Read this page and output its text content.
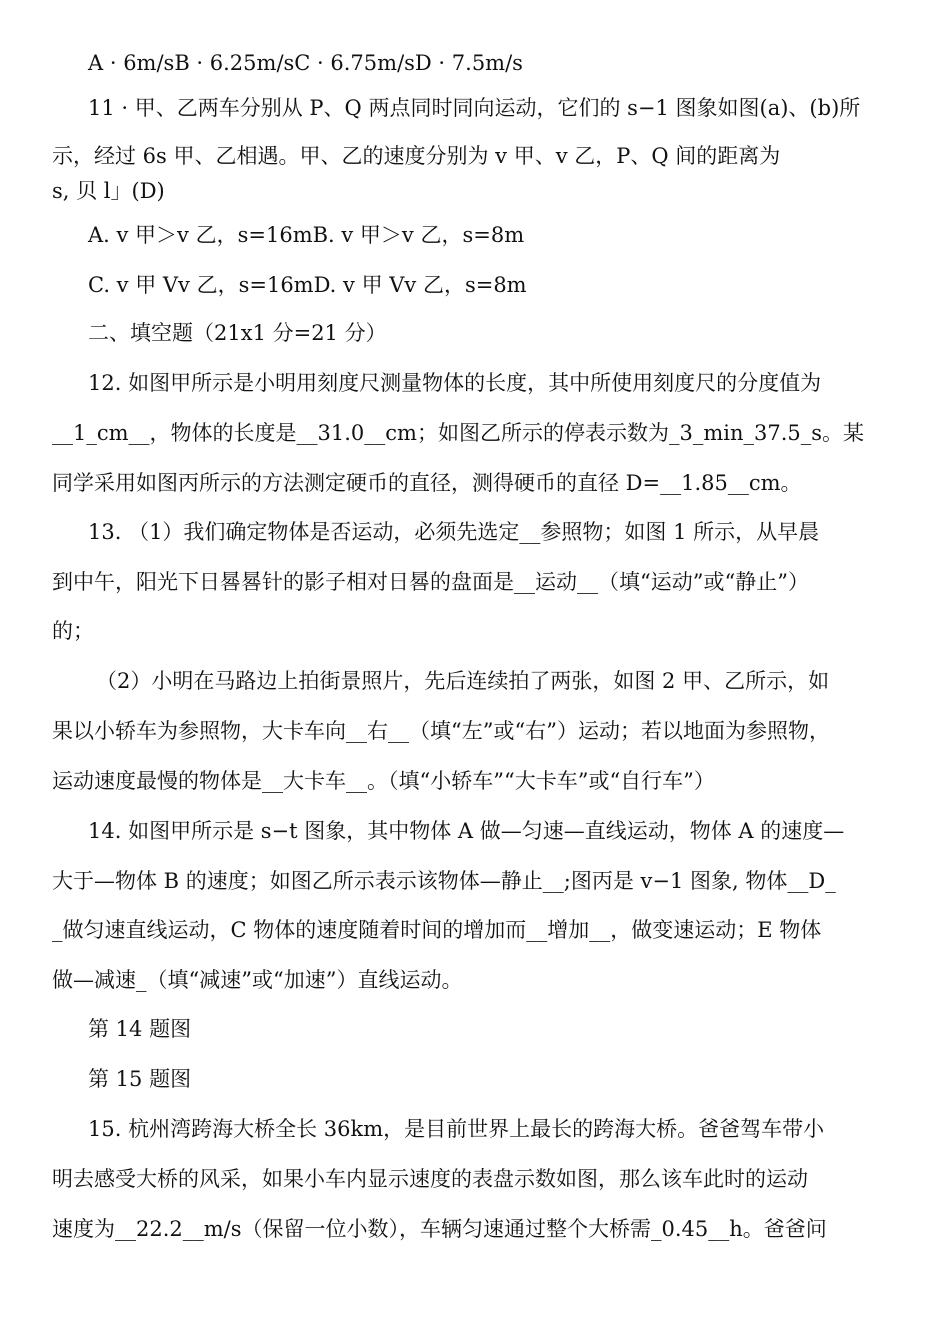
A · 6m/sB · 6.25m/sC · 6.75m/sD · 7.5m/s
11 · 甲、乙两车分别从 P、Q 两点同时同向运动，它们的 s−1 图象如图(a)、(b)所
示，经过 6s 甲、乙相遇。甲、乙的速度分别为 v 甲、v 乙，P、Q 间的距离为
s, 贝 l」(D)
A. v 甲＞v 乙，s=16mB. v 甲＞v 乙，s=8m
C. v 甲 Vv 乙，s=16mD. v 甲 Vv 乙，s=8m
二、填空题（21x1 分=21 分）
12. 如图甲所示是小明用刻度尺测量物体的长度，其中所使用刻度尺的分度值为
__1_cm__，物体的长度是__31.0__cm；如图乙所示的停表示数为_3_min_37.5_s。某
同学采用如图丙所示的方法测定硬币的直径，测得硬币的直径 D=__1.85__cm。
13. （1）我们确定物体是否运动，必须先选定__参照物；如图 1 所示，从早晨
到中午，阳光下日晷晷针的影子相对日晷的盘面是__运动__（填“运动”或“静止”）
的；
（2）小明在马路边上拍街景照片，先后连续拍了两张，如图 2 甲、乙所示，如
果以小轿车为参照物，大卡车向__右__（填“左”或“右”）运动；若以地面为参照物，
运动速度最慢的物体是__大卡车__。（填“小轿车”“大卡车”或“自行车”）
14. 如图甲所示是 s−t 图象，其中物体 A 做—匀速—直线运动，物体 A 的速度—
大于—物体 B 的速度；如图乙所示表示该物体—静止__;图丙是 v−1 图象, 物体__D_
_做匀速直线运动，C 物体的速度随着时间的增加而__增加__，做变速运动；E 物体
做—减速_（填“减速”或“加速”）直线运动。
第 14 题图
第 15 题图
15. 杭州湾跨海大桥全长 36km，是目前世界上最长的跨海大桥。爸爸驾车带小
明去感受大桥的风采，如果小车内显示速度的表盘示数如图，那么该车此时的运动
速度为__22.2__m/s（保留一位小数），车辆匀速通过整个大桥需_0.45__h。爸爸问
